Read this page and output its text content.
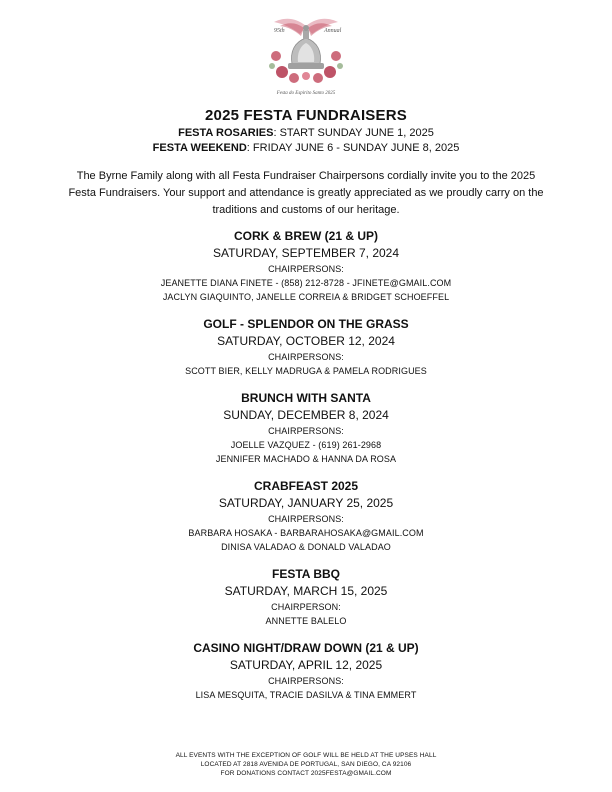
95th	Annual
Festa do Espirito Santo 2025
2025 FESTA FUNDRAISERS
FESTA ROSARIES: START SUNDAY JUNE 1, 2025
FESTA WEEKEND: FRIDAY JUNE 6 - SUNDAY JUNE 8, 2025
The Byrne Family along with all Festa Fundraiser Chairpersons cordially invite you to the 2025 Festa Fundraisers. Your support and attendance is greatly appreciated as we proudly carry on the traditions and customs of our heritage.
CORK & BREW (21 & UP)
SATURDAY, SEPTEMBER 7, 2024
CHAIRPERSONS:
JEANETTE DIANA FINETE - (858) 212-8728 - JFINETE@GMAIL.COM
JACLYN GIAQUINTO, JANELLE CORREIA & BRIDGET SCHOEFFEL
GOLF - SPLENDOR ON THE GRASS
SATURDAY, OCTOBER 12, 2024
CHAIRPERSONS:
SCOTT BIER, KELLY MADRUGA & PAMELA RODRIGUES
BRUNCH WITH SANTA
SUNDAY, DECEMBER 8, 2024
CHAIRPERSONS:
JOELLE VAZQUEZ - (619) 261-2968
JENNIFER MACHADO & HANNA DA ROSA
CRABFEAST 2025
SATURDAY, JANUARY 25, 2025
CHAIRPERSONS:
BARBARA HOSAKA - BARBARAHOSAKA@GMAIL.COM
DINISA VALADAO & DONALD VALADAO
FESTA BBQ
SATURDAY, MARCH 15, 2025
CHAIRPERSON:
ANNETTE BALELO
CASINO NIGHT/DRAW DOWN (21 & UP)
SATURDAY, APRIL 12, 2025
CHAIRPERSONS:
LISA MESQUITA, TRACIE DASILVA & TINA EMMERT
ALL EVENTS WITH THE EXCEPTION OF GOLF WILL BE HELD AT THE UPSES HALL
LOCATED AT 2818 AVENIDA DE PORTUGAL, SAN DIEGO, CA 92106
FOR DONATIONS CONTACT 2025FESTA@GMAIL.COM
